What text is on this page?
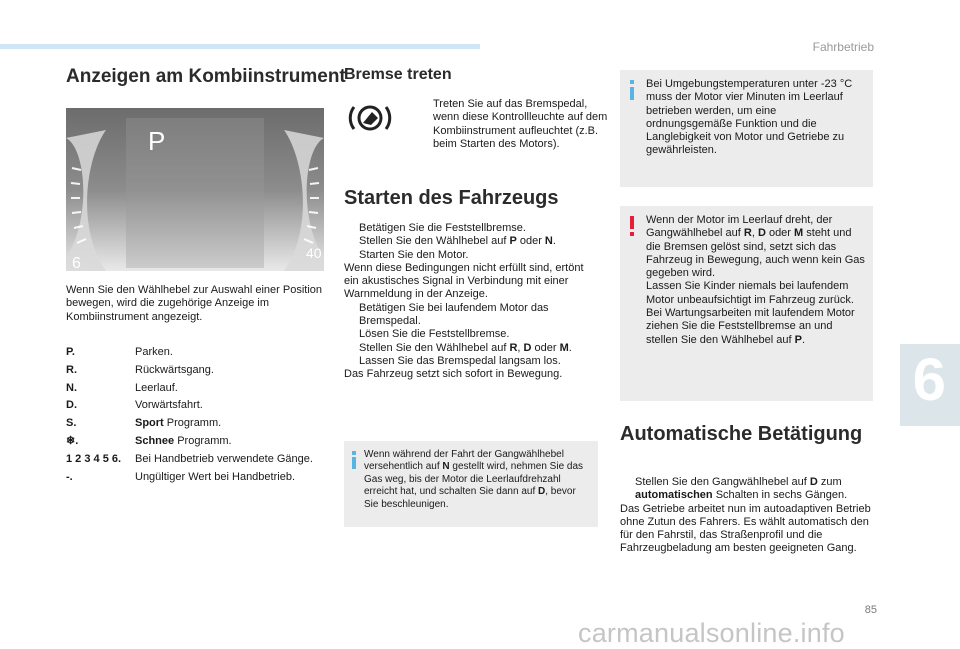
Fahrbetrieb
6
85
carmanualsonline.info
Anzeigen am Kombiinstrument
P
6
40
Wenn Sie den Wählhebel zur Auswahl einer Position bewegen, wird die zugehörige Anzeige im Kombiinstrument angezeigt.
P.	Parken.
R.	Rückwärtsgang.
N.	Leerlauf.
D.	Vorwärtsfahrt.
S.	Sport Programm.
❄.	Schnee Programm.
1 2 3 4 5 6.	Bei Handbetrieb verwendete Gänge.
-.	Ungültiger Wert bei Handbetrieb.
Bremse treten
Treten Sie auf das Bremspedal, wenn diese Kontrollleuchte auf dem Kombiinstrument aufleuchtet (z.B. beim Starten des Motors).
Starten des Fahrzeugs

Betätigen Sie die Feststellbremse.

Stellen Sie den Wählhebel auf P oder N.

Starten Sie den Motor.

Wenn diese Bedingungen nicht erfüllt sind, ertönt ein akustisches Signal in Verbindung mit einer Warnmeldung in der Anzeige.

Betätigen Sie bei laufendem Motor das Bremspedal.

Lösen Sie die Feststellbremse.

Stellen Sie den Wählhebel auf R, D oder M.

Lassen Sie das Bremspedal langsam los.

Das Fahrzeug setzt sich sofort in Bewegung.

Wenn während der Fahrt der Gangwählhebel versehentlich auf N gestellt wird, nehmen Sie das Gas weg, bis der Motor die Leerlaufdrehzahl erreicht hat, und schalten Sie dann auf D, bevor Sie beschleunigen.
Bei Umgebungstemperaturen unter -23 °C muss der Motor vier Minuten im Leerlauf betrieben werden, um eine ordnungsgemäße Funktion und die Langlebigkeit von Motor und Getriebe zu gewährleisten.

Wenn der Motor im Leerlauf dreht, der Gangwählhebel auf R, D oder M steht und die Bremsen gelöst sind, setzt sich das Fahrzeug in Bewegung, auch wenn kein Gas gegeben wird.

Lassen Sie Kinder niemals bei laufendem Motor unbeaufsichtigt im Fahrzeug zurück.

Bei Wartungsarbeiten mit laufendem Motor ziehen Sie die Feststellbremse an und stellen Sie den Wählhebel auf P.

Automatische Betätigung

Stellen Sie den Gangwählhebel auf D zum automatischen Schalten in sechs Gängen.

Das Getriebe arbeitet nun im autoadaptiven Betrieb ohne Zutun des Fahrers. Es wählt automatisch den für den Fahrstil, das Straßenprofil und die Fahrzeugbeladung am besten geeigneten Gang.
